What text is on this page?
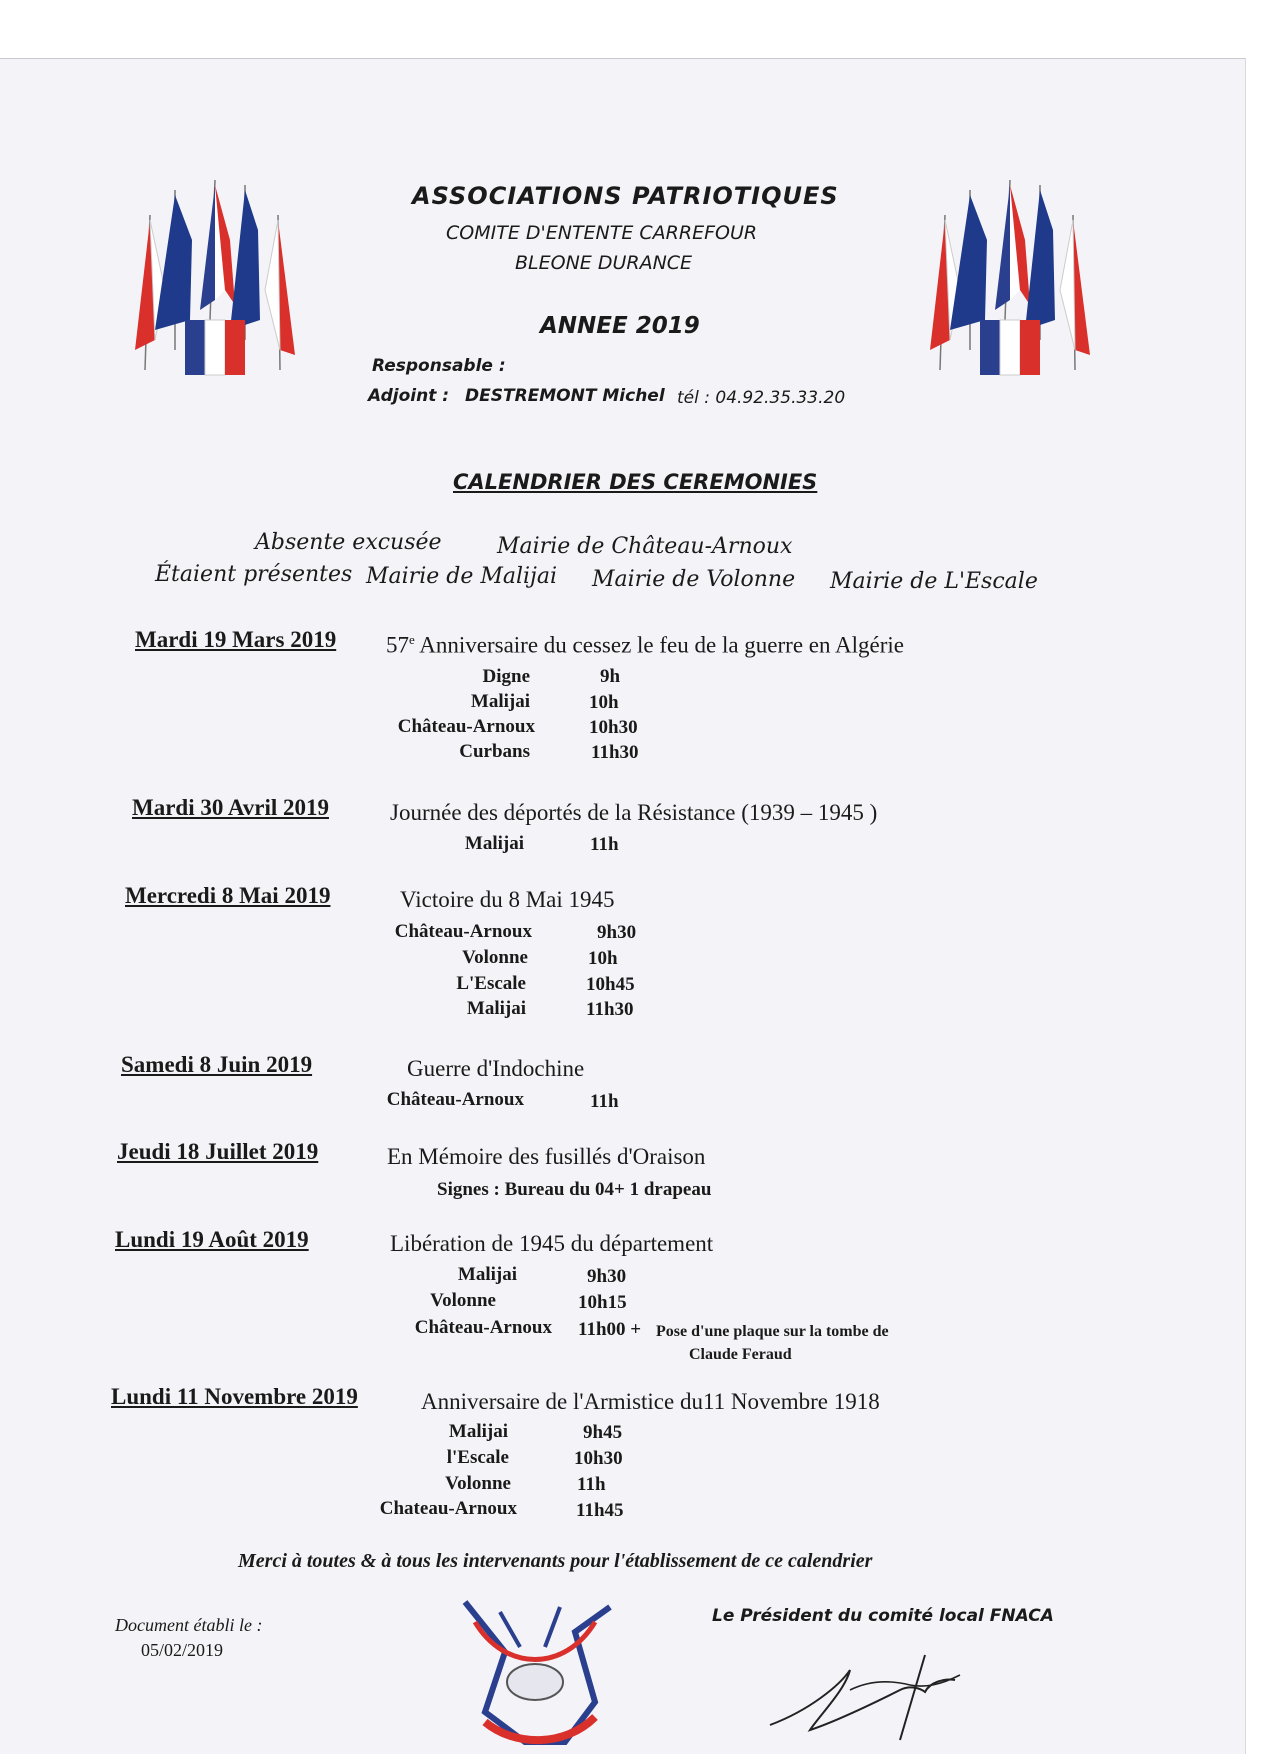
ASSOCIATIONS PATRIOTIQUES
COMITE D'ENTENTE CARREFOUR
BLEONE DURANCE
ANNEE 2019
Responsable :
Adjoint : DESTREMONT Michel tél : 04.92.35.33.20
CALENDRIER DES CEREMONIES
Absente excusée	Mairie de Château-Arnoux
Étaient présentes Mairie de Malijai Mairie de Volonne Mairie de L'Escale
Mardi 19 Mars 2019 57e Anniversaire du cessez le feu de la guerre en Algérie
Digne	9h
Malijai	10h
Château-Arnoux	10h30
Curbans	11h30
Mardi 30 Avril 2019	Journée des déportés de la Résistance (1939 – 1945 )
Malijai	11h
Mercredi 8 Mai 2019	Victoire du 8 Mai 1945
Château-Arnoux	9h30
Volonne	10h
L'Escale	10h45
Malijai	11h30
Samedi 8 Juin 2019	Guerre d'Indochine
Château-Arnoux	11h
Jeudi 18 Juillet 2019	En Mémoire des fusillés d'Oraison
Signes : Bureau du 04+ 1 drapeau
Lundi 19 Août 2019	Libération de 1945 du département
Malijai	9h30
Volonne	10h15
Château-Arnoux 11h00 + Pose d'une plaque sur la tombe de
Claude Feraud
Lundi 11 Novembre 2019	Anniversaire de l'Armistice du11 Novembre 1918
Malijai	9h45
l'Escale	10h30
Volonne	11h
Chateau-Arnoux	11h45
Merci à toutes & à tous les intervenants pour l'établissement de ce calendrier
Document établi le :
05/02/2019
Le Président du comité local FNACA
